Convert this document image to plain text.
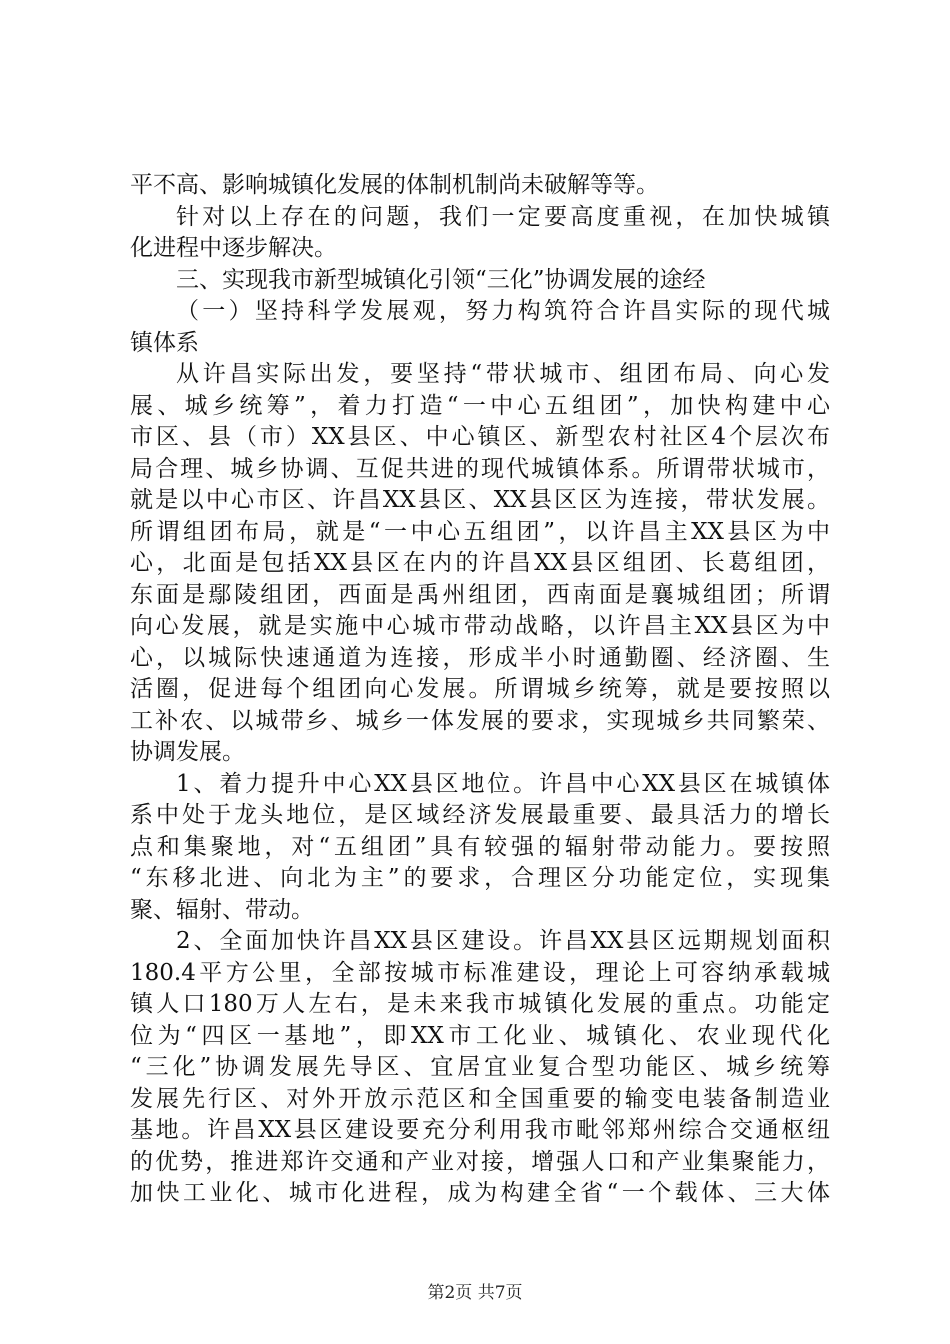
平不高、影响城镇化发展的体制机制尚未破解等等。
针对以上存在的问题，我们一定要高度重视，在加快城镇
化进程中逐步解决。
三、实现我市新型城镇化引领“三化”协调发展的途经
（一）坚持科学发展观，努力构筑符合许昌实际的现代城
镇体系
从许昌实际出发，要坚持“带状城市、组团布局、向心发
展、城乡统筹”，着力打造“一中心五组团”，加快构建中心
市区、县（市）XX县区、中心镇区、新型农村社区4个层次布
局合理、城乡协调、互促共进的现代城镇体系。所谓带状城市，
就是以中心市区、许昌XX县区、XX县区区为连接，带状发展。
所谓组团布局，就是“一中心五组团”，以许昌主XX县区为中
心，北面是包括XX县区在内的许昌XX县区组团、长葛组团，
东面是鄢陵组团，西面是禹州组团，西南面是襄城组团；所谓
向心发展，就是实施中心城市带动战略，以许昌主XX县区为中
心，以城际快速通道为连接，形成半小时通勤圈、经济圈、生
活圈，促进每个组团向心发展。所谓城乡统筹，就是要按照以
工补农、以城带乡、城乡一体发展的要求，实现城乡共同繁荣、
协调发展。
1、着力提升中心XX县区地位。许昌中心XX县区在城镇体
系中处于龙头地位，是区域经济发展最重要、最具活力的增长
点和集聚地，对“五组团”具有较强的辐射带动能力。要按照
“东移北进、向北为主”的要求，合理区分功能定位，实现集
聚、辐射、带动。
2、全面加快许昌XX县区建设。许昌XX县区远期规划面积
180.4平方公里，全部按城市标准建设，理论上可容纳承载城
镇人口180万人左右，是未来我市城镇化发展的重点。功能定
位为“四区一基地”，即XX市工化业、城镇化、农业现代化
“三化”协调发展先导区、宜居宜业复合型功能区、城乡统筹
发展先行区、对外开放示范区和全国重要的输变电装备制造业
基地。许昌XX县区建设要充分利用我市毗邻郑州综合交通枢纽
的优势，推进郑许交通和产业对接，增强人口和产业集聚能力，
加快工业化、城市化进程，成为构建全省“一个载体、三大体
第2页 共7页
